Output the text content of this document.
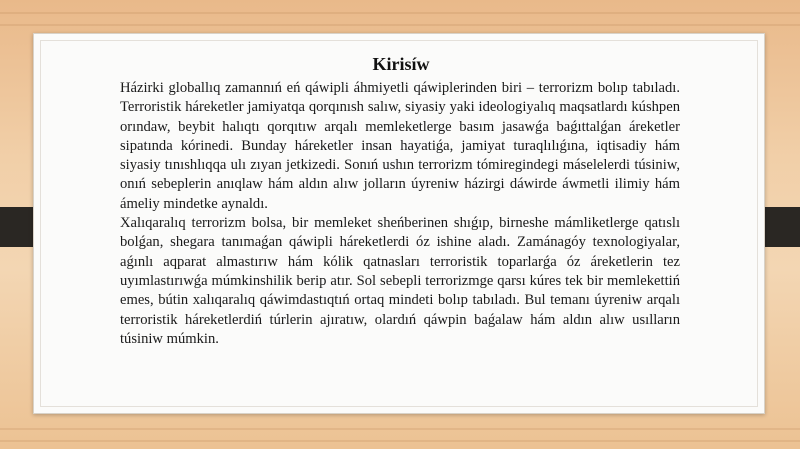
Kirisíw

Házirki globallıq zamannıń eń qáwipli áhmiyetli qáwiplerinden biri – terrorizm bolıp tabıladı. Terroristik háreketler jamiyatqa qorqınısh salıw, siyasiy yaki ideologiyalıq maqsatlardı kúshpen orındaw, beybit halıqtı qorqıtıw arqalı memleketlerge basım jasawǵa baǵıttalǵan áreketler sipatında kórinedi. Bunday háreketler insan hayatiǵa, jamiyat turaqlılıǵına, iqtisadiy hám siyasiy tınıshlıqqa ulı zıyan jetkizedi. Sonıń ushın terrorizm tómiregindegi máselelerdi túsiniw, onıń sebeplerin anıqlaw hám aldın alıw jolların úyreniw házirgi dáwirde áwmetli ilimiy hám ámeliy mindetke aynaldı.

Xalıqaralıq terrorizm bolsa, bir memleket sheńberinen shıǵıp, birneshe mámliketlerge qatıslı bolǵan, shegara tanımaǵan qáwipli háreketlerdi óz ishine aladı. Zamánagóy texnologiyalar, aǵınlı aqparat almastırıw hám kólik qatnasları terroristik toparlarǵa óz áreketlerin tez uyımlastırıwǵa múmkinshilik berip atır. Sol sebepli terrorizmge qarsı kúres tek bir memlekettiń emes, bútin xalıqaralıq qáwimdastıqtıń ortaq mindeti bolıp tabıladı. Bul temanı úyreniw arqalı terroristik háreketlerdiń túrlerin ajıratıw, olardıń qáwpin baǵalaw hám aldın alıw usılların túsiniw múmkin.
